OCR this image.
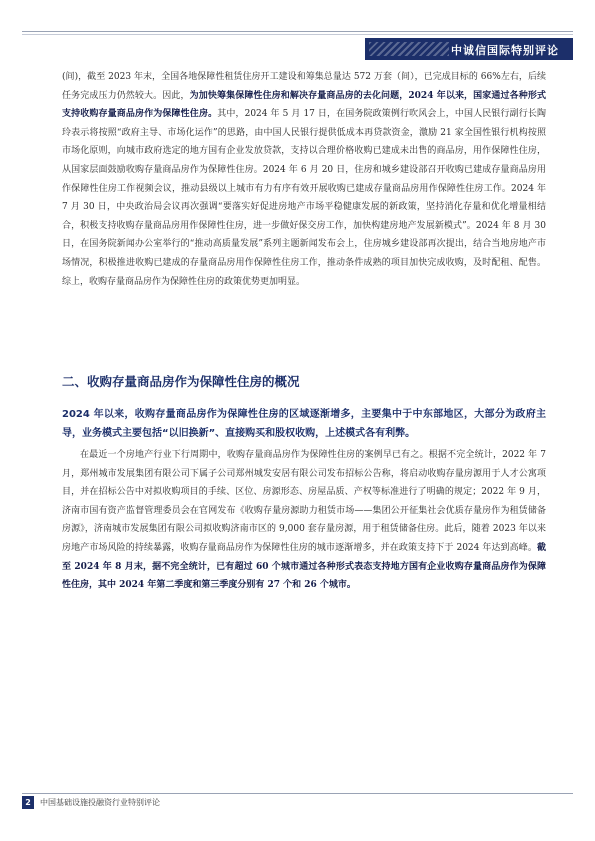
中诚信国际特别评论

(间)，截至 2023 年末，全国各地保障性租赁住房开工建设和筹集总量达 572 万套（间），已完成目标的 66%左右，后续任务完成压力仍然较大。因此，为加快筹集保障性住房和解决存量商品房的去化问题，2024 年以来，国家通过各种形式支持收购存量商品房作为保障性住房。其中，2024 年 5 月 17 日，在国务院政策例行吹风会上，中国人民银行副行长陶玲表示将按照“政府主导、市场化运作”的思路，由中国人民银行提供低成本再贷款资金，激励 21 家全国性银行机构按照市场化原则，向城市政府选定的地方国有企业发放贷款，支持以合理价格收购已建成未出售的商品房，用作保障性住房，从国家层面鼓励收购存量商品房作为保障性住房。2024 年 6 月 20 日，住房和城乡建设部召开收购已建成存量商品房用作保障性住房工作视频会议，推动县级以上城市有力有序有效开展收购已建成存量商品房用作保障性住房工作。2024 年 7 月 30 日，中央政治局会议再次强调“要落实好促进房地产市场平稳健康发展的新政策，坚持消化存量和优化增量相结合，积极支持收购存量商品房用作保障性住房，进一步做好保交房工作，加快构建房地产发展新模式”。2024 年 8 月 30 日，在国务院新闻办公室举行的“推动高质量发展”系列主题新闻发布会上，住房城乡建设部再次提出，结合当地房地产市场情况，积极推进收购已建成的存量商品房用作保障性住房工作，推动条件成熟的项目加快完成收购，及时配租、配售。综上，收购存量商品房作为保障性住房的政策优势更加明显。

二、收购存量商品房作为保障性住房的概况

2024 年以来，收购存量商品房作为保障性住房的区域逐渐增多，主要集中于中东部地区，大部分为政府主导，业务模式主要包括“以旧换新”、直接购买和股权收购，上述模式各有利弊。

在最近一个房地产行业下行周期中，收购存量商品房作为保障性住房的案例早已有之。根据不完全统计，2022 年 7 月，郑州城市发展集团有限公司下属子公司郑州城发安居有限公司发布招标公告称，将启动收购存量房源用于人才公寓项目，并在招标公告中对拟收购项目的手续、区位、房源形态、房屋品质、产权等标准进行了明确的规定；2022 年 9 月，济南市国有资产监督管理委员会在官网发布《收购存量房源助力租赁市场——集团公开征集社会优质存量房作为租赁储备房源》，济南城市发展集团有限公司拟收购济南市区的 9,000 套存量房源，用于租赁储备住房。此后，随着 2023 年以来房地产市场风险的持续暴露，收购存量商品房作为保障性住房的城市逐渐增多，并在政策支持下于 2024 年达到高峰。截至 2024 年 8 月末，据不完全统计，已有超过 60 个城市通过各种形式表态支持地方国有企业收购存量商品房作为保障性住房，其中 2024 年第二季度和第三季度分别有 27 个和 26 个城市。

2	中国基础设施投融资行业特别评论
